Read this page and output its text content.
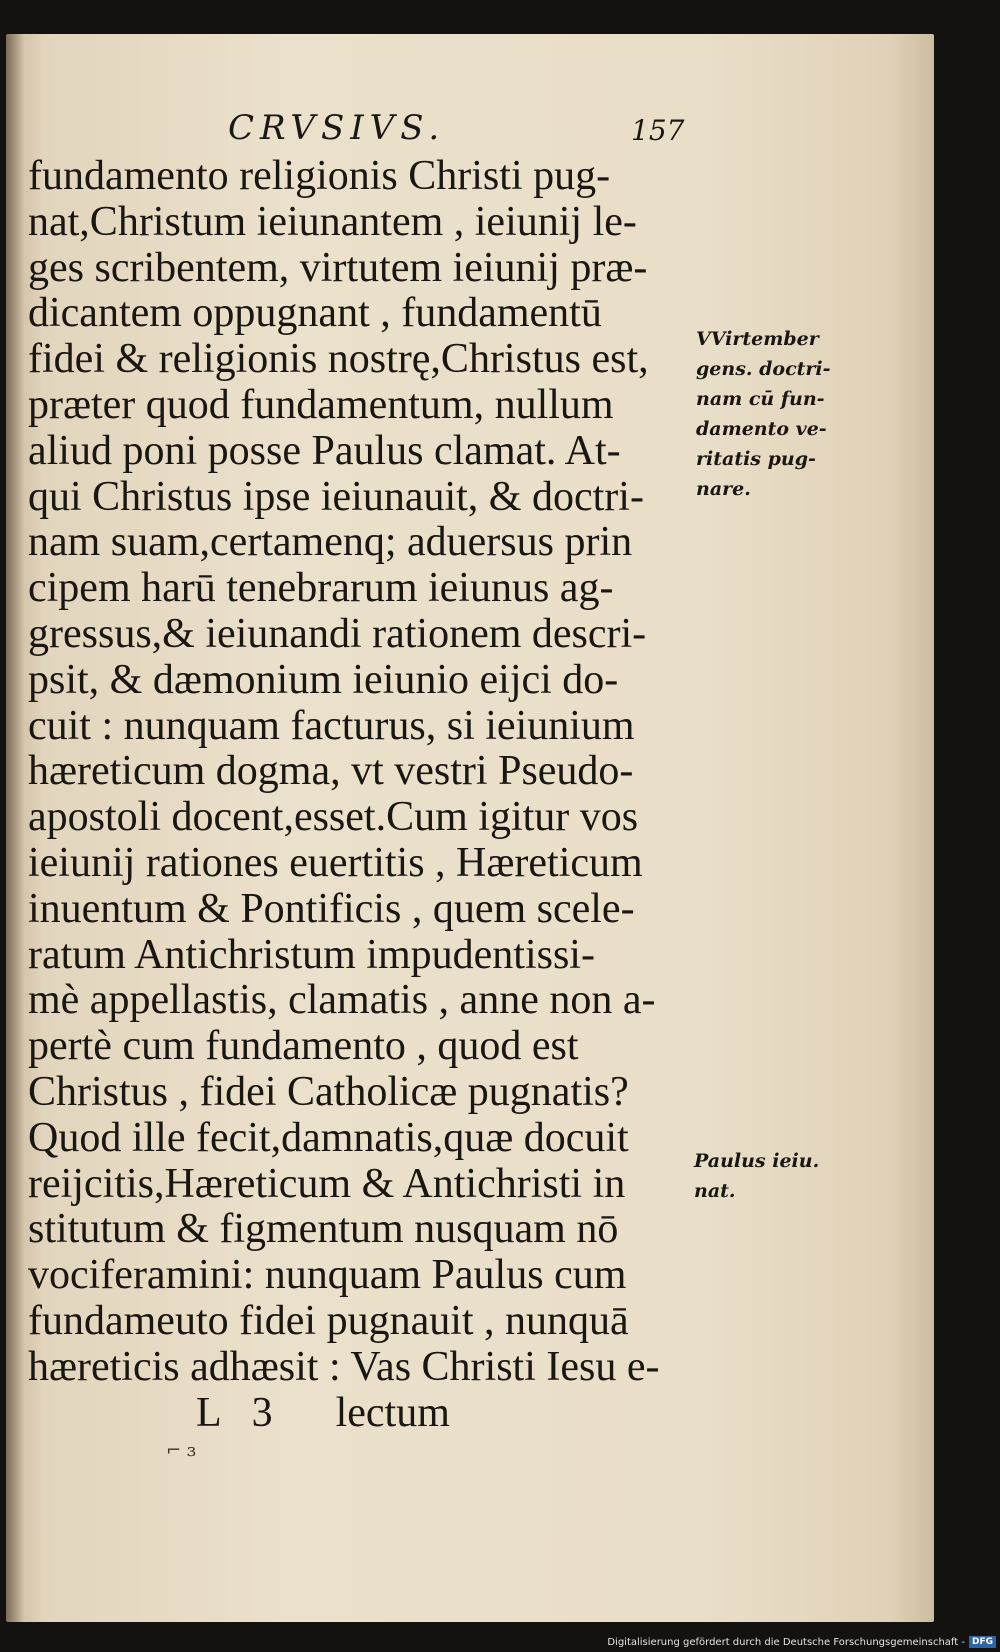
CRVSIVS.	157
fundamento religionis Christi pug-
nat,Christum ieiunantem , ieiunij le-
ges scribentem, virtutem ieiunij præ-
dicantem oppugnant , fundamentū
fidei & religionis nostrę,Christus est,
præter quod fundamentum, nullum
aliud poni posse Paulus clamat. At-
qui Christus ipse ieiunauit, & doctri-
nam suam,certamenq; aduersus prin
cipem harū tenebrarum ieiunus ag-
gressus,& ieiunandi rationem descri-
psit, & dæmonium ieiunio eijci do-
cuit : nunquam facturus, si ieiunium
hæreticum dogma, vt vestri Pseudo-
apostoli docent,esset.Cum igitur vos
ieiunij rationes euertitis , Hæreticum
inuentum & Pontificis , quem scele-
ratum Antichristum impudentissi-
mè appellastis, clamatis , anne non a-
pertè cum fundamento , quod est
Christus , fidei Catholicæ pugnatis?
Quod ille fecit,damnatis,quæ docuit
reijcitis,Hæreticum & Antichristi in
stitutum & figmentum nusquam nō
vociferamini: nunquam Paulus cum
fundameuto fidei pugnauit , nunquā
hæreticis adhæsit : Vas Christi Iesu e-
L   3      lectum
VVirtember
gens. doctri-
nam cū fun-
damento ve-
ritatis pug-
nare.
Paulus ieiu.
nat.
⌐ ɜ
Digitalisierung gefördert durch die Deutsche Forschungsgemeinschaft - DFG
